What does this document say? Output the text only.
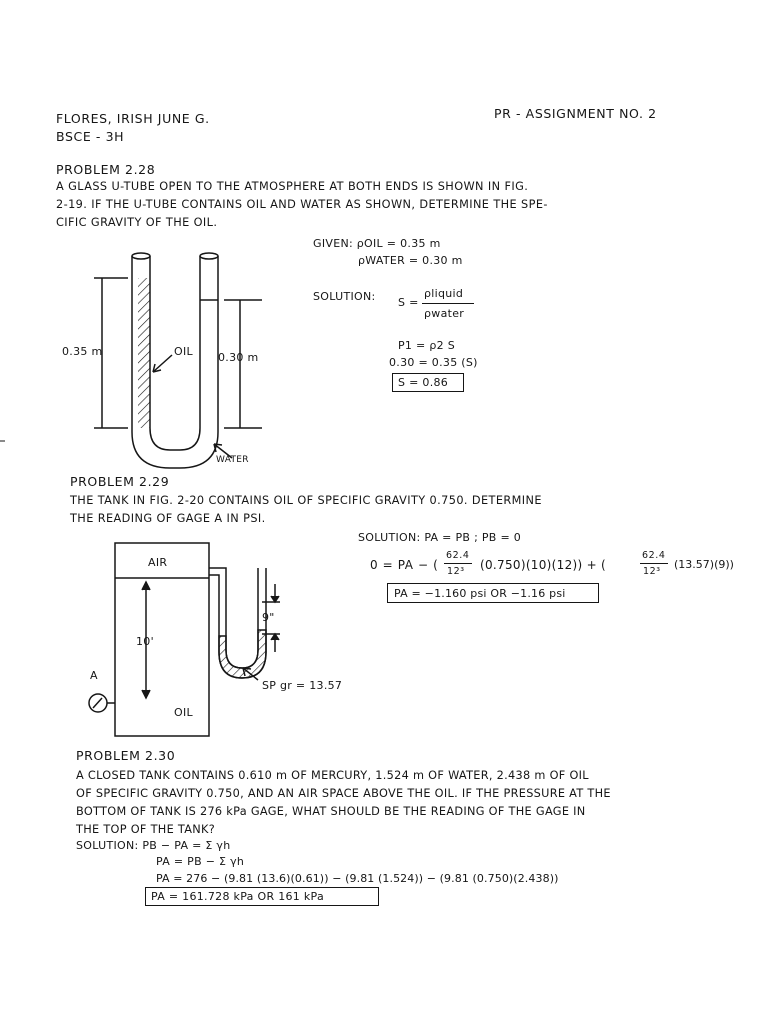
FLORES, IRISH JUNE G.
BSCE - 3H
PR - ASSIGNMENT NO. 2
PROBLEM 2.28
A GLASS U-TUBE OPEN TO THE ATMOSPHERE AT BOTH ENDS IS SHOWN IN FIG.
2-19. IF THE U-TUBE CONTAINS OIL AND WATER AS SHOWN, DETERMINE THE SPE-
CIFIC GRAVITY OF THE OIL.
GIVEN: ρOIL = 0.35 m
ρWATER = 0.30 m
SOLUTION: S =
ρliquid
ρwater
P1 = ρ2 S
0.30 = 0.35 (S)
S = 0.86
0.35 m	OIL 0.30 m
WATER
PROBLEM 2.29
THE TANK IN FIG. 2-20 CONTAINS OIL OF SPECIFIC GRAVITY 0.750. DETERMINE
THE READING OF GAGE A IN PSI.
SOLUTION: PA = PB ; PB = 0
0 = PA − (
62.4
12³ (0.750)(10)(12)) + (
62.4
12³
(13.57)(9))
PA = −1.160 psi OR −1.16 psi
AIR
10'
A
OIL
9"
SP gr = 13.57
PROBLEM 2.30
A CLOSED TANK CONTAINS 0.610 m OF MERCURY, 1.524 m OF WATER, 2.438 m OF OIL
OF SPECIFIC GRAVITY 0.750, AND AN AIR SPACE ABOVE THE OIL. IF THE PRESSURE AT THE
BOTTOM OF TANK IS 276 kPa GAGE, WHAT SHOULD BE THE READING OF THE GAGE IN
THE TOP OF THE TANK?
SOLUTION: PB − PA = Σ γh
PA = PB − Σ γh
PA = 276 − (9.81 (13.6)(0.61)) − (9.81 (1.524)) − (9.81 (0.750)(2.438))
PA = 161.728 kPa OR 161 kPa
